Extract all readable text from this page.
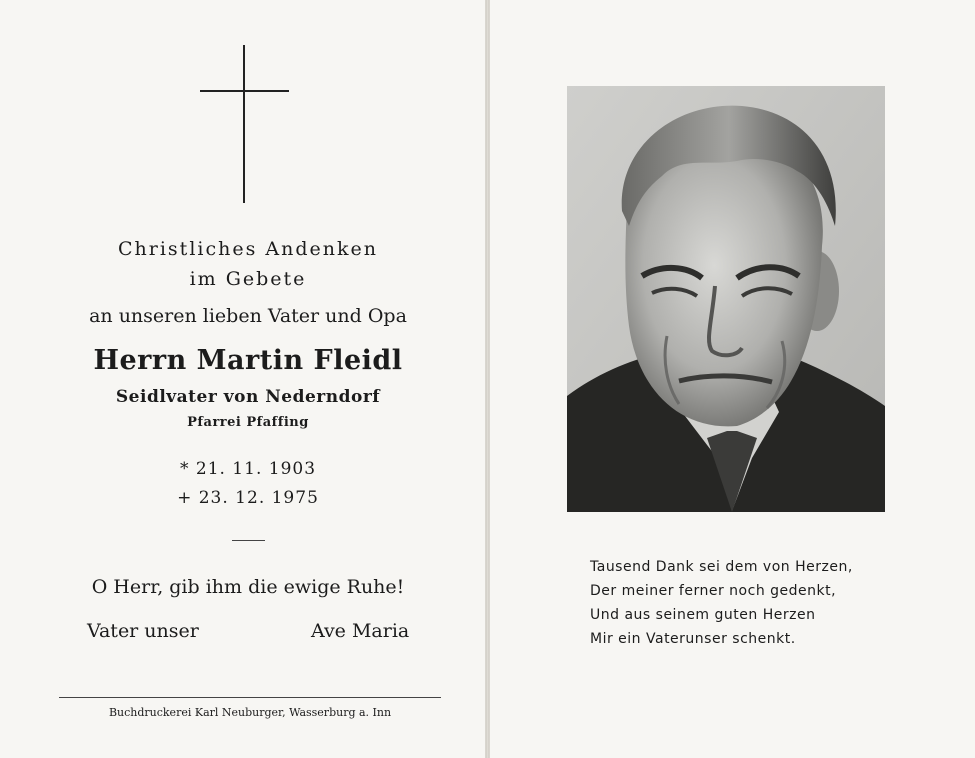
Christliches Andenken
im Gebete
an unseren lieben Vater und Opa
Herrn Martin Fleidl
Seidlvater von Nederndorf
Pfarrei Pfaffing
* 21. 11. 1903
+ 23. 12. 1975
O Herr, gib ihm die ewige Ruhe!
Vater unser	Ave Maria
Buchdruckerei Karl Neuburger, Wasserburg a. Inn
Tausend Dank sei dem von Herzen,
Der meiner ferner noch gedenkt,
Und aus seinem guten Herzen
Mir ein Vaterunser schenkt.
